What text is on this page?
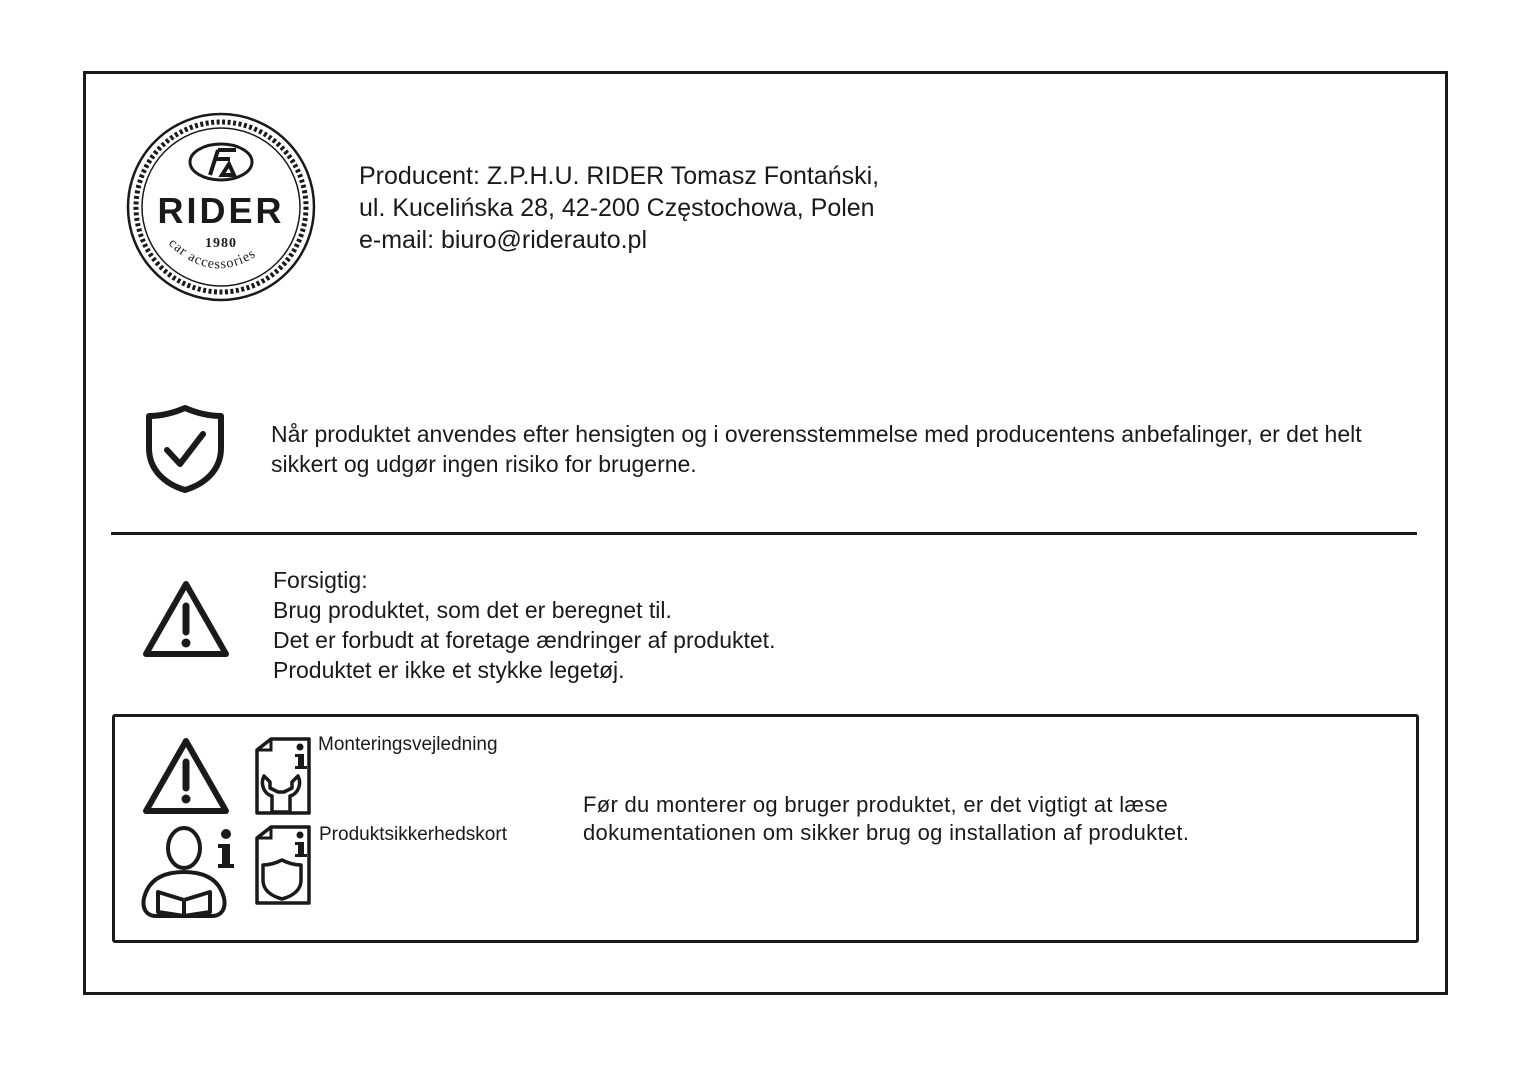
RIDER
1980
car accessories
Producent: Z.P.H.U. RIDER Tomasz Fontański,
ul. Kucelińska 28, 42-200 Częstochowa, Polen
e-mail: biuro@riderauto.pl
Når produktet anvendes efter hensigten og i overensstemmelse med producentens anbefalinger, er det helt sikkert og udgør ingen risiko for brugerne.
Forsigtig:
Brug produktet, som det er beregnet til.
Det er forbudt at foretage ændringer af produktet.
Produktet er ikke et stykke legetøj.
Monteringsvejledning
Produktsikkerhedskort
Før du monterer og bruger produktet, er det vigtigt at læse dokumentationen om sikker brug og installation af produktet.
